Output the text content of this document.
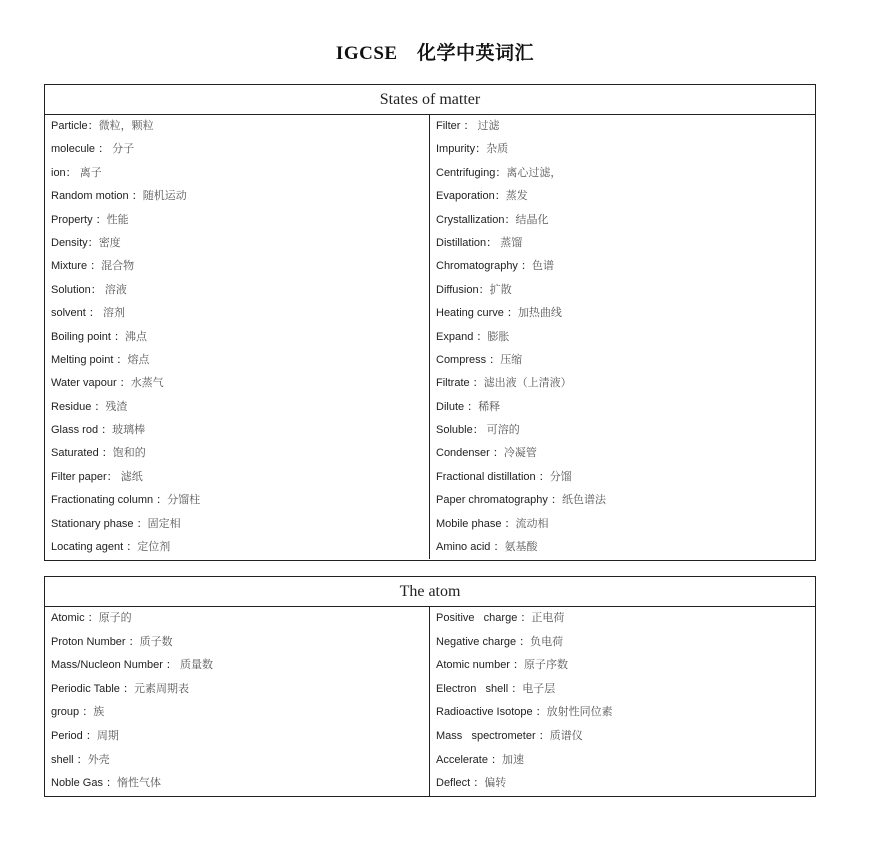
IGCSE　化学中英词汇
States of matter
Particle：微粒，颗粒
molecule ： 分子
ion： 离子
Random motion ：随机运动
Property ：性能
Density：密度
Mixture ：混合物
Solution： 溶液
solvent ： 溶剂
Boiling point ：沸点
Melting point ：熔点
Water vapour ：水蒸气
Residue ：残渣
Glass rod ：玻璃棒
Saturated ：饱和的
Filter paper： 滤纸
Fractionating column ：分馏柱
Stationary phase ：固定相
Locating agent ：定位剂
Filter ： 过滤
Impurity：杂质
Centrifuging：离心过滤，
Evaporation：蒸发
Crystallization：结晶化
Distillation： 蒸馏
Chromatography ：色谱
Diffusion：扩散
Heating curve ：加热曲线
Expand ：膨胀
Compress ：压缩
Filtrate ：滤出液（上清液）
Dilute ：稀释
Soluble： 可溶的
Condenser ：冷凝管
Fractional distillation ：分馏
Paper chromatography ：纸色谱法
Mobile phase ：流动相
Amino acid ：氨基酸
The atom
Atomic ：原子的
Proton Number ：质子数
Mass/Nucleon Number ： 质量数
Periodic Table ：元素周期表
group ：族
Period ：周期
shell ：外壳
Noble Gas ：惰性气体
Positive   charge ：正电荷
Negative charge ：负电荷
Atomic number ：原子序数
Electron   shell ：电子层
Radioactive Isotope ：放射性同位素
Mass   spectrometer ：质谱仪
Accelerate ：加速
Deflect ：偏转
